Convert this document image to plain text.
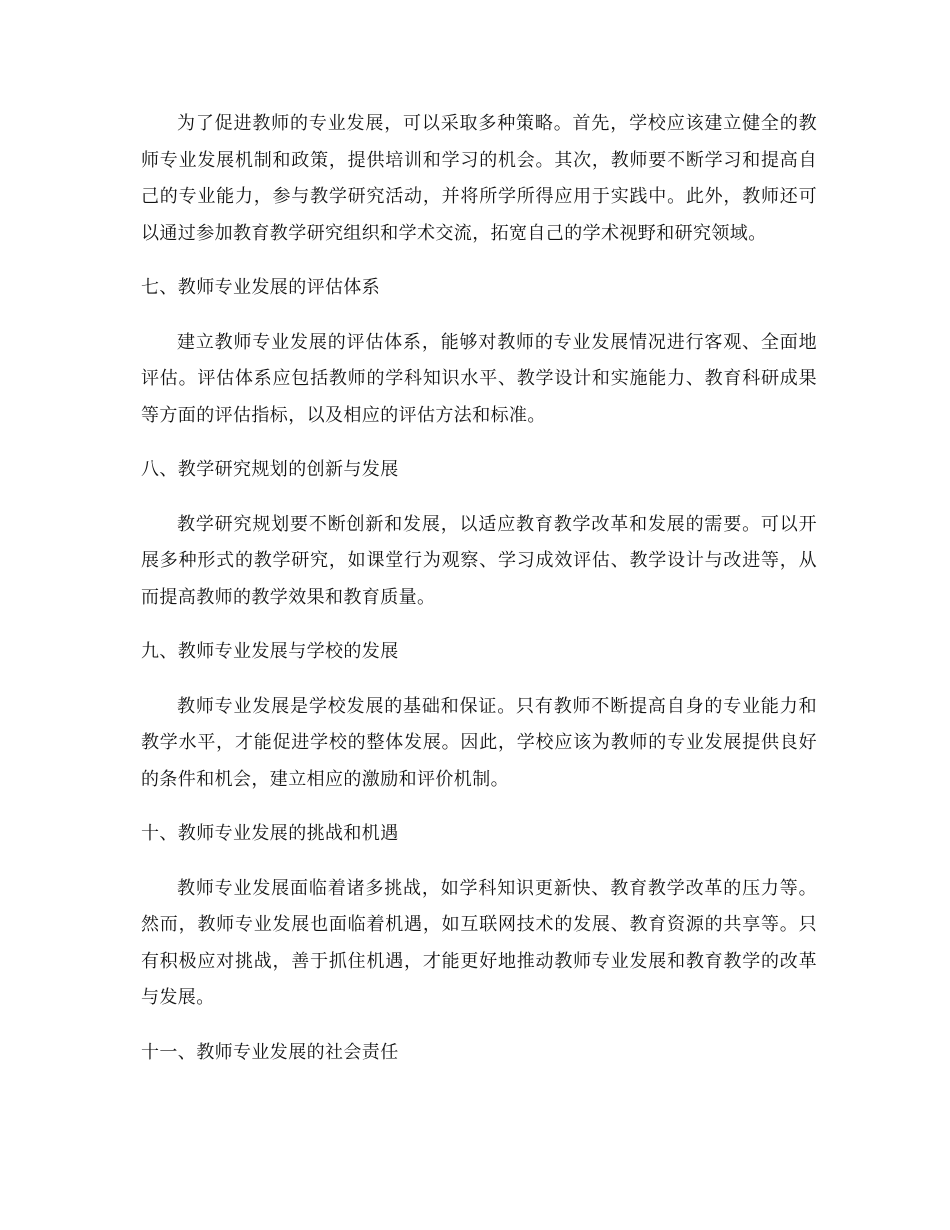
为了促进教师的专业发展，可以采取多种策略。首先，学校应该建立健全的教师专业发展机制和政策，提供培训和学习的机会。其次，教师要不断学习和提高自己的专业能力，参与教学研究活动，并将所学所得应用于实践中。此外，教师还可以通过参加教育教学研究组织和学术交流，拓宽自己的学术视野和研究领域。

七、教师专业发展的评估体系

建立教师专业发展的评估体系，能够对教师的专业发展情况进行客观、全面地评估。评估体系应包括教师的学科知识水平、教学设计和实施能力、教育科研成果等方面的评估指标，以及相应的评估方法和标准。

八、教学研究规划的创新与发展

教学研究规划要不断创新和发展，以适应教育教学改革和发展的需要。可以开展多种形式的教学研究，如课堂行为观察、学习成效评估、教学设计与改进等，从而提高教师的教学效果和教育质量。

九、教师专业发展与学校的发展

教师专业发展是学校发展的基础和保证。只有教师不断提高自身的专业能力和教学水平，才能促进学校的整体发展。因此，学校应该为教师的专业发展提供良好的条件和机会，建立相应的激励和评价机制。

十、教师专业发展的挑战和机遇

教师专业发展面临着诸多挑战，如学科知识更新快、教育教学改革的压力等。然而，教师专业发展也面临着机遇，如互联网技术的发展、教育资源的共享等。只有积极应对挑战，善于抓住机遇，才能更好地推动教师专业发展和教育教学的改革与发展。

十一、教师专业发展的社会责任
